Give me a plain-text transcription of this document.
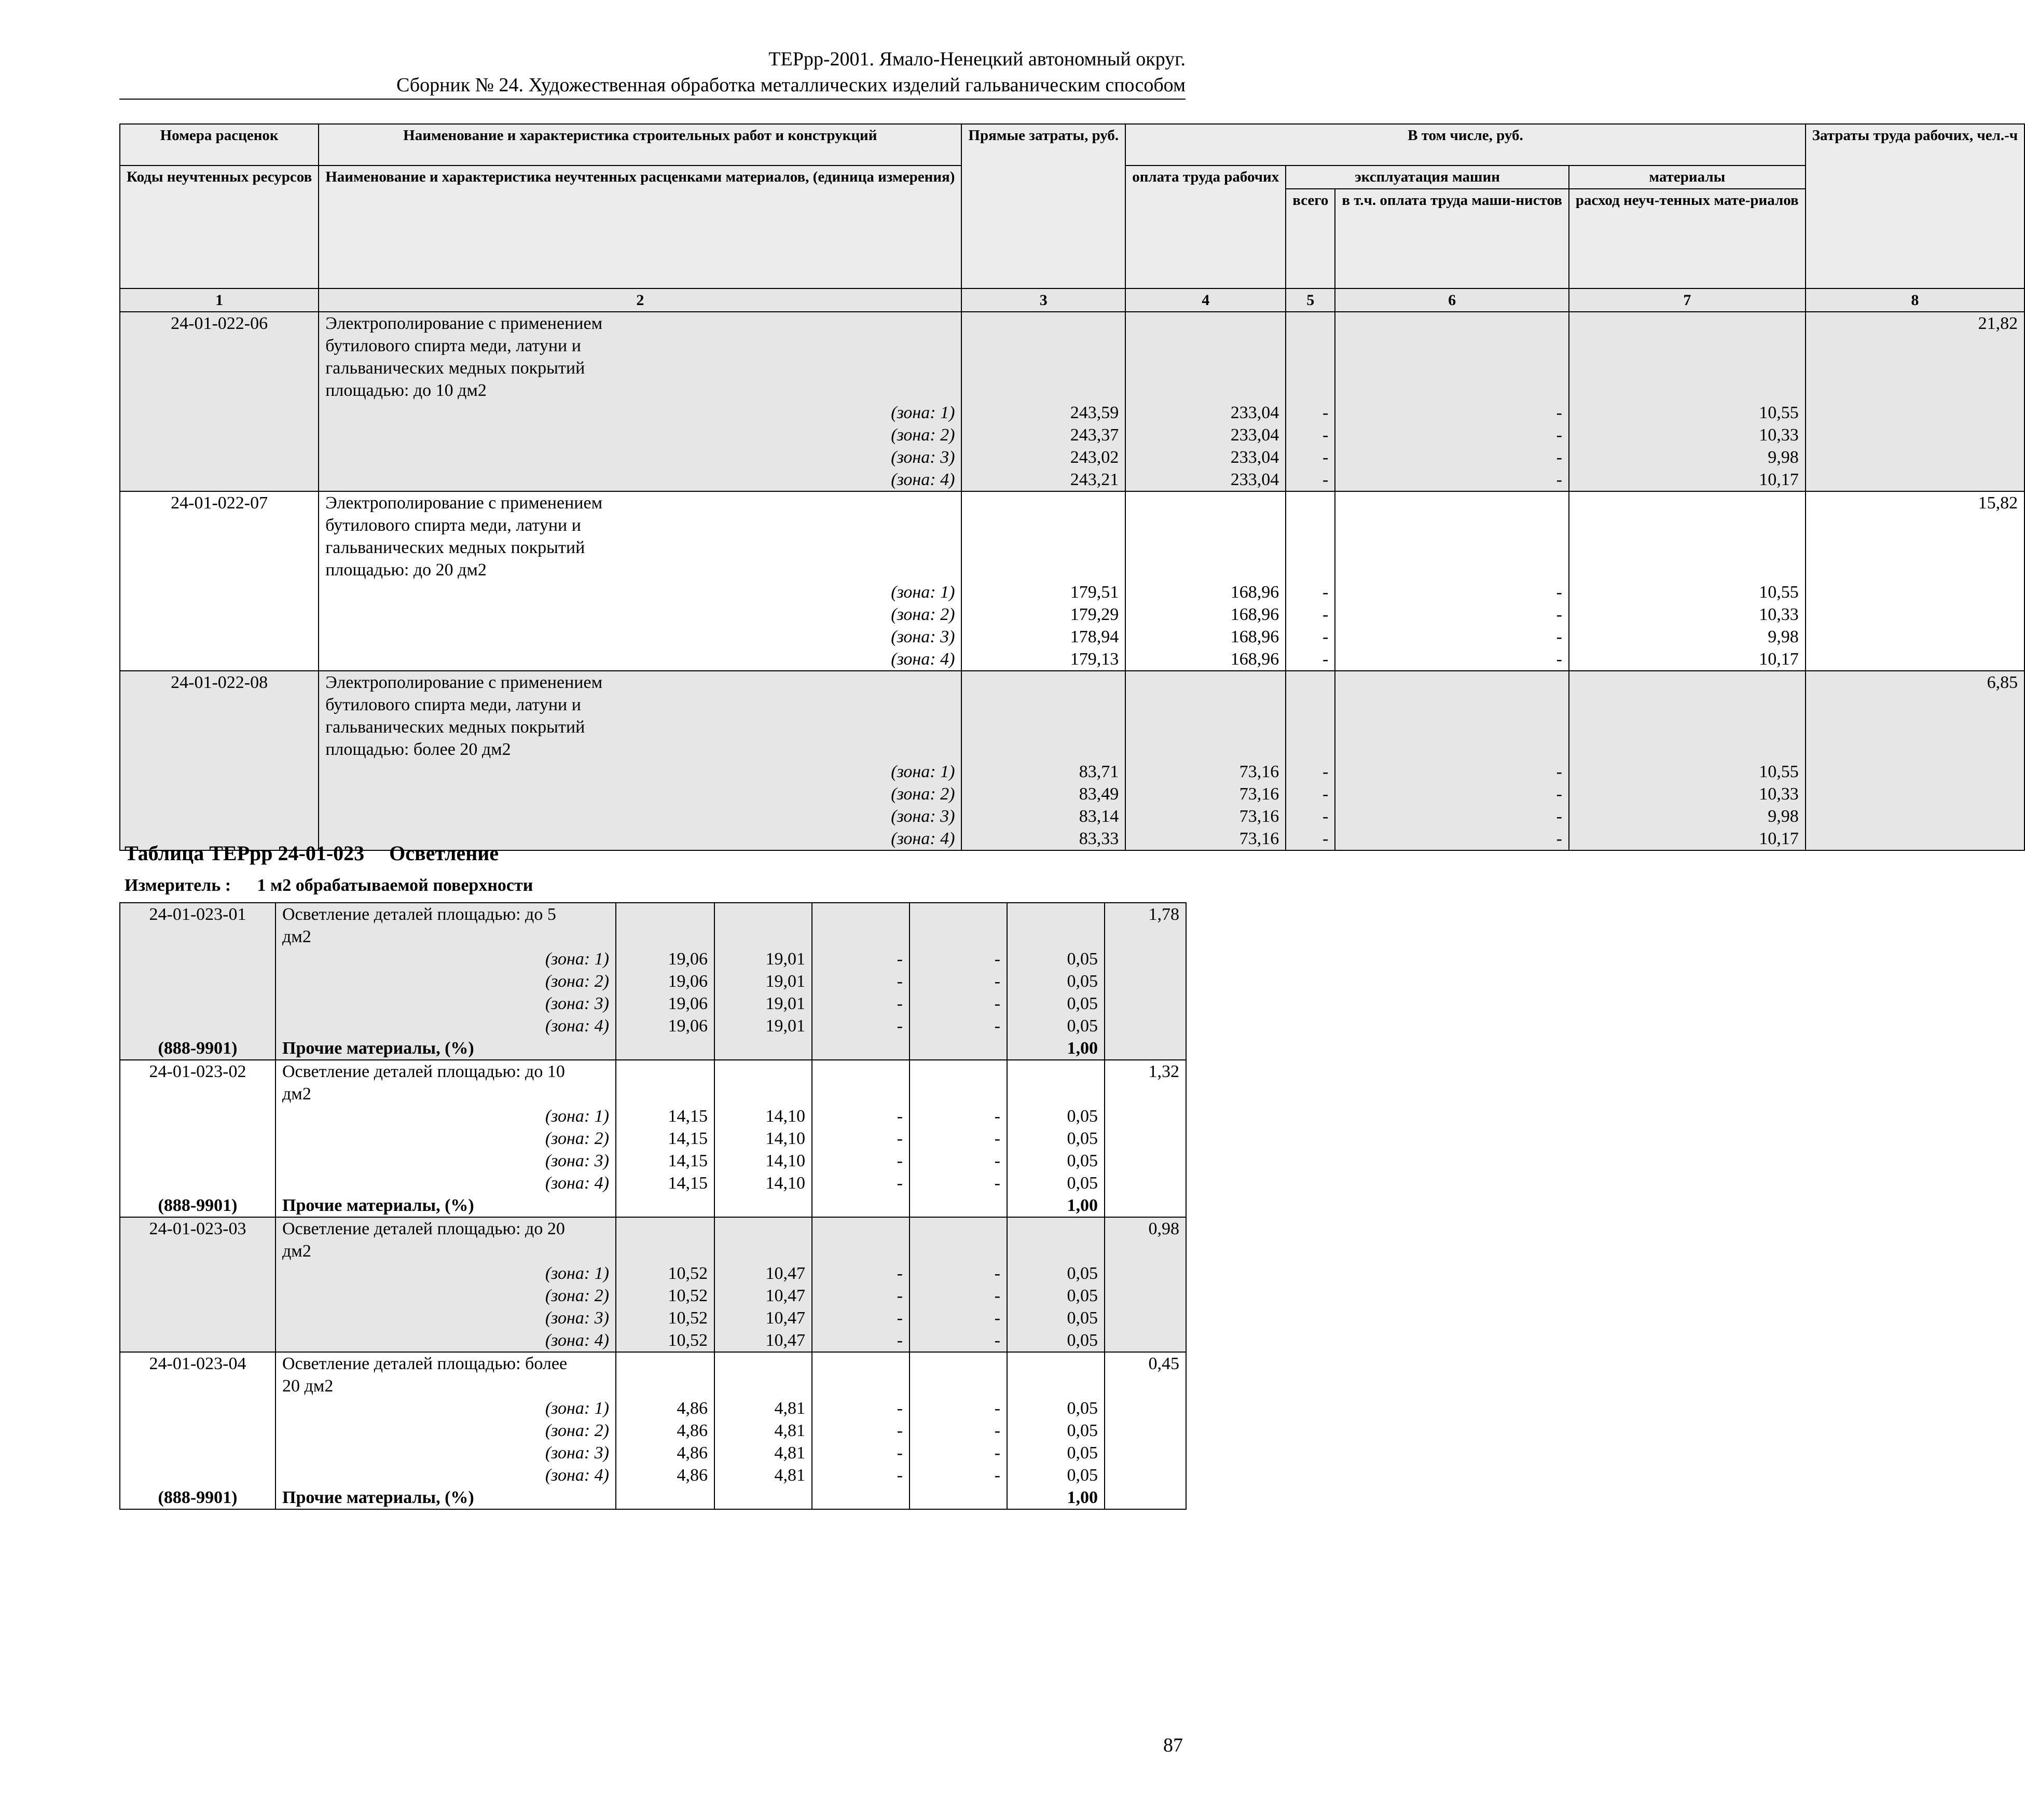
ТЕРрр-2001. Ямало-Ненецкий автономный округ.
Сборник № 24. Художественная обработка металлических изделий гальваническим способом
Номера расценок	Наименование и характеристика строительных работ и конструкций	Прямые затраты, руб.	В том числе, руб.				Затраты труда рабочих, чел.-ч
Коды неучтенных ресурсов	Наименование и характеристика неучтенных расценками материалов, (единица измерения)		оплата труда рабочих	эксплуатация машин		материалы	
				всего	в т.ч. оплата труда маши-нистов	расход неуч-тенных мате-риалов	

1	2	3	4	5	6	7	8
24-01-022-06	Электрополирование с применением						21,82
	бутилового спирта меди, латуни и						
	гальванических медных покрытий						
	площадью: до 10 дм2						
	(зона: 1)	243,59	233,04	-	-	10,55	
	(зона: 2)	243,37	233,04	-	-	10,33	
	(зона: 3)	243,02	233,04	-	-	9,98	
	(зона: 4)	243,21	233,04	-	-	10,17	
24-01-022-07	Электрополирование с применением						15,82
	бутилового спирта меди, латуни и						
	гальванических медных покрытий						
	площадью: до 20 дм2						
	(зона: 1)	179,51	168,96	-	-	10,55	
	(зона: 2)	179,29	168,96	-	-	10,33	
	(зона: 3)	178,94	168,96	-	-	9,98	
	(зона: 4)	179,13	168,96	-	-	10,17	
24-01-022-08	Электрополирование с применением						6,85
	бутилового спирта меди, латуни и						
	гальванических медных покрытий						
	площадью: более 20 дм2						
	(зона: 1)	83,71	73,16	-	-	10,55	
	(зона: 2)	83,49	73,16	-	-	10,33	
	(зона: 3)	83,14	73,16	-	-	9,98	
	(зона: 4)	83,33	73,16	-	-	10,17	
Таблица ТЕРрр 24-01-023 Осветление
Измеритель : 1 м2 обрабатываемой поверхности
24-01-023-01	Осветление деталей площадью: до 5						1,78
	дм2						
	(зона: 1)	19,06	19,01	-	-	0,05	
	(зона: 2)	19,06	19,01	-	-	0,05	
	(зона: 3)	19,06	19,01	-	-	0,05	
	(зона: 4)	19,06	19,01	-	-	0,05	
(888-9901)	Прочие материалы, (%)					1,00	
24-01-023-02	Осветление деталей площадью: до 10						1,32
	дм2						
	(зона: 1)	14,15	14,10	-	-	0,05	
	(зона: 2)	14,15	14,10	-	-	0,05	
	(зона: 3)	14,15	14,10	-	-	0,05	
	(зона: 4)	14,15	14,10	-	-	0,05	
(888-9901)	Прочие материалы, (%)					1,00	
24-01-023-03	Осветление деталей площадью: до 20						0,98
	дм2						
	(зона: 1)	10,52	10,47	-	-	0,05	
	(зона: 2)	10,52	10,47	-	-	0,05	
	(зона: 3)	10,52	10,47	-	-	0,05	
	(зона: 4)	10,52	10,47	-	-	0,05	
24-01-023-04	Осветление деталей площадью: более						0,45
	20 дм2						
	(зона: 1)	4,86	4,81	-	-	0,05	
	(зона: 2)	4,86	4,81	-	-	0,05	
	(зона: 3)	4,86	4,81	-	-	0,05	
	(зона: 4)	4,86	4,81	-	-	0,05	
(888-9901)	Прочие материалы, (%)					1,00	
87
